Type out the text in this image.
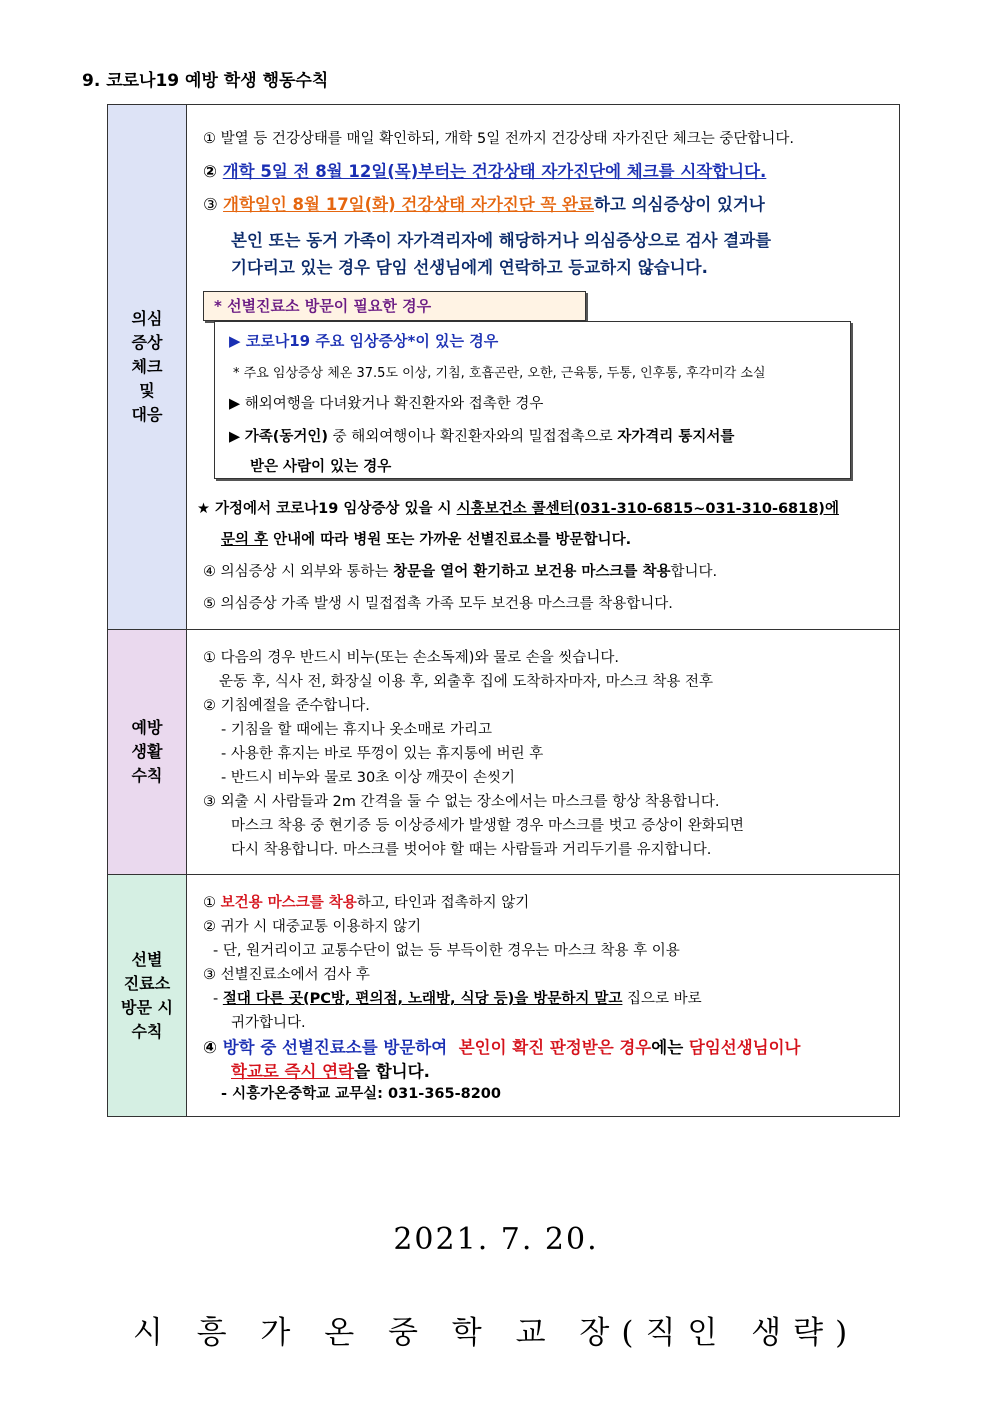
9. 코로나19 예방 학생 행동수칙
의심
증상
체크
및
대응
① 발열 등 건강상태를 매일 확인하되, 개학 5일 전까지 건강상태 자가진단 체크는 중단합니다.
② 개학 5일 전 8월 12일(목)부터는 건강상태 자가진단에 체크를 시작합니다.
③ 개학일인 8월 17일(화) 건강상태 자가진단 꼭 완료하고 의심증상이 있거나
본인 또는 동거 가족이 자가격리자에 해당하거나 의심증상으로 검사 결과를
기다리고 있는 경우 담임 선생님에게 연락하고 등교하지 않습니다.
* 선별진료소 방문이 필요한 경우
▶ 코로나19 주요 임상증상*이 있는 경우
* 주요 임상증상 체온 37.5도 이상, 기침, 호흡곤란, 오한, 근육통, 두통, 인후통, 후각미각 소실
▶ 해외여행을 다녀왔거나 확진환자와 접촉한 경우
▶ 가족(동거인) 중 해외여행이나 확진환자와의 밀접접촉으로 자가격리 통지서를
받은 사람이 있는 경우
★ 가정에서 코로나19 임상증상 있을 시 시흥보건소 콜센터(031-310-6815~031-310-6818)에
문의 후 안내에 따라 병원 또는 가까운 선별진료소를 방문합니다.
④ 의심증상 시 외부와 통하는 창문을 열어 환기하고 보건용 마스크를 착용합니다.
⑤ 의심증상 가족 발생 시 밀접접촉 가족 모두 보건용 마스크를 착용합니다.
예방
생활
수칙
① 다음의 경우 반드시 비누(또는 손소독제)와 물로 손을 씻습니다.
운동 후, 식사 전, 화장실 이용 후, 외출후 집에 도착하자마자, 마스크 착용 전후
② 기침예절을 준수합니다.
- 기침을 할 때에는 휴지나 옷소매로 가리고
- 사용한 휴지는 바로 뚜껑이 있는 휴지통에 버린 후
- 반드시 비누와 물로 30초 이상 깨끗이 손씻기
③ 외출 시 사람들과 2m 간격을 둘 수 없는 장소에서는 마스크를 항상 착용합니다.
마스크 착용 중 현기증 등 이상증세가 발생할 경우 마스크를 벗고 증상이 완화되면
다시 착용합니다. 마스크를 벗어야 할 때는 사람들과 거리두기를 유지합니다.
선별
진료소
방문 시
수칙
① 보건용 마스크를 착용하고, 타인과 접촉하지 않기
② 귀가 시 대중교통 이용하지 않기
- 단, 원거리이고 교통수단이 없는 등 부득이한 경우는 마스크 착용 후 이용
③ 선별진료소에서 검사 후
- 절대 다른 곳(PC방, 편의점, 노래방, 식당 등)을 방문하지 말고 집으로 바로
귀가합니다.
④ 방학 중 선별진료소를 방문하여 본인이 확진 판정받은 경우에는 담임선생님이나
학교로 즉시 연락을 합니다.
- 시흥가온중학교 교무실: 031-365-8200
2021. 7. 20.
시 흥 가 온 중 학 교 장(직인 생략)
